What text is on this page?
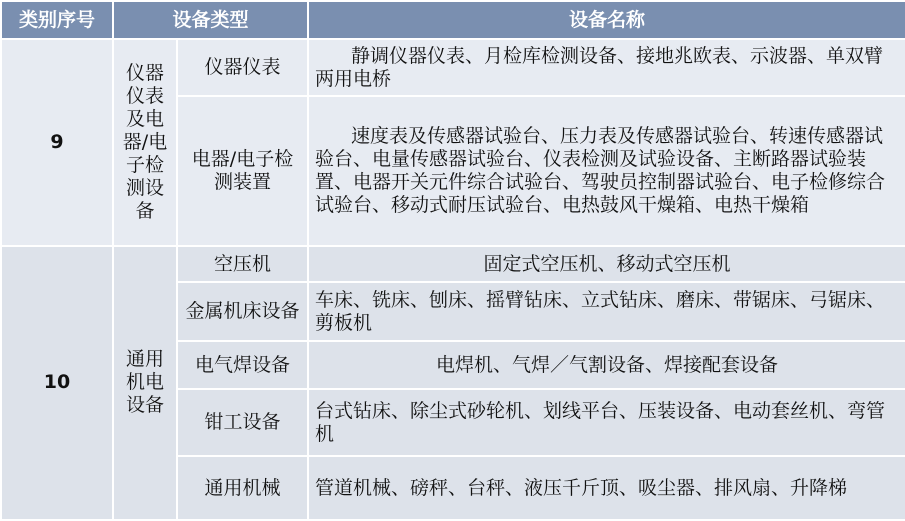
类别序号	设备类型		设备名称
9	仪器仪表及电器/电子检测设备	仪器仪表	静调仪器仪表、月检库检测设备、接地兆欧表、示波器、单双臂两用电桥
		电器/电子检测装置	速度表及传感器试验台、压力表及传感器试验台、转速传感器试验台、电量传感器试验台、仪表检测及试验设备、主断路器试验装置、电器开关元件综合试验台、驾驶员控制器试验台、电子检修综合试验台、移动式耐压试验台、电热鼓风干燥箱、电热干燥箱
10	通用机电设备	空压机	固定式空压机、移动式空压机
		金属机床设备	车床、铣床、刨床、摇臂钻床、立式钻床、磨床、带锯床、弓锯床、剪板机
		电气焊设备	电焊机、气焊／气割设备、焊接配套设备
		钳工设备	台式钻床、除尘式砂轮机、划线平台、压装设备、电动套丝机、弯管机
		通用机械	管道机械、磅秤、台秤、液压千斤顶、吸尘器、排风扇、升降梯
